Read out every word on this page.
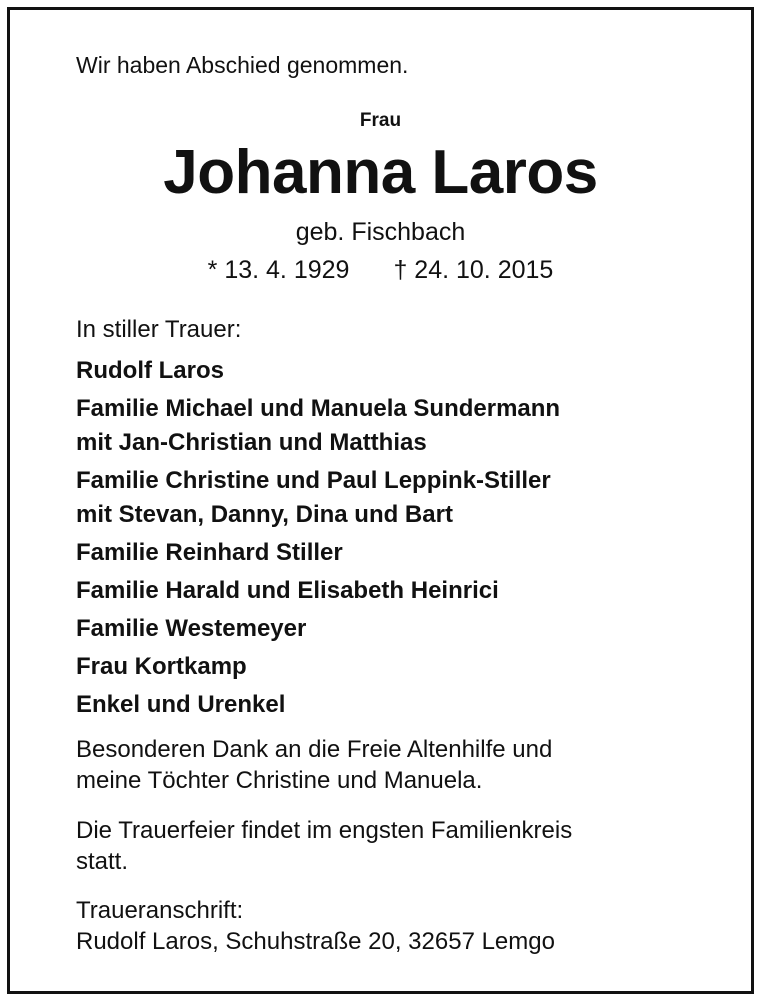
Wir haben Abschied genommen.
Frau
Johanna Laros
geb. Fischbach
* 13. 4. 1929 † 24. 10. 2015
In stiller Trauer:
Rudolf Laros
Familie Michael und Manuela Sundermann
mit Jan-Christian und Matthias
Familie Christine und Paul Leppink-Stiller
mit Stevan, Danny, Dina und Bart
Familie Reinhard Stiller
Familie Harald und Elisabeth Heinrici
Familie Westemeyer
Frau Kortkamp
Enkel und Urenkel
Besonderen Dank an die Freie Altenhilfe und
meine Töchter Christine und Manuela.
Die Trauerfeier findet im engsten Familienkreis
statt.
Traueranschrift:
Rudolf Laros, Schuhstraße 20, 32657 Lemgo
